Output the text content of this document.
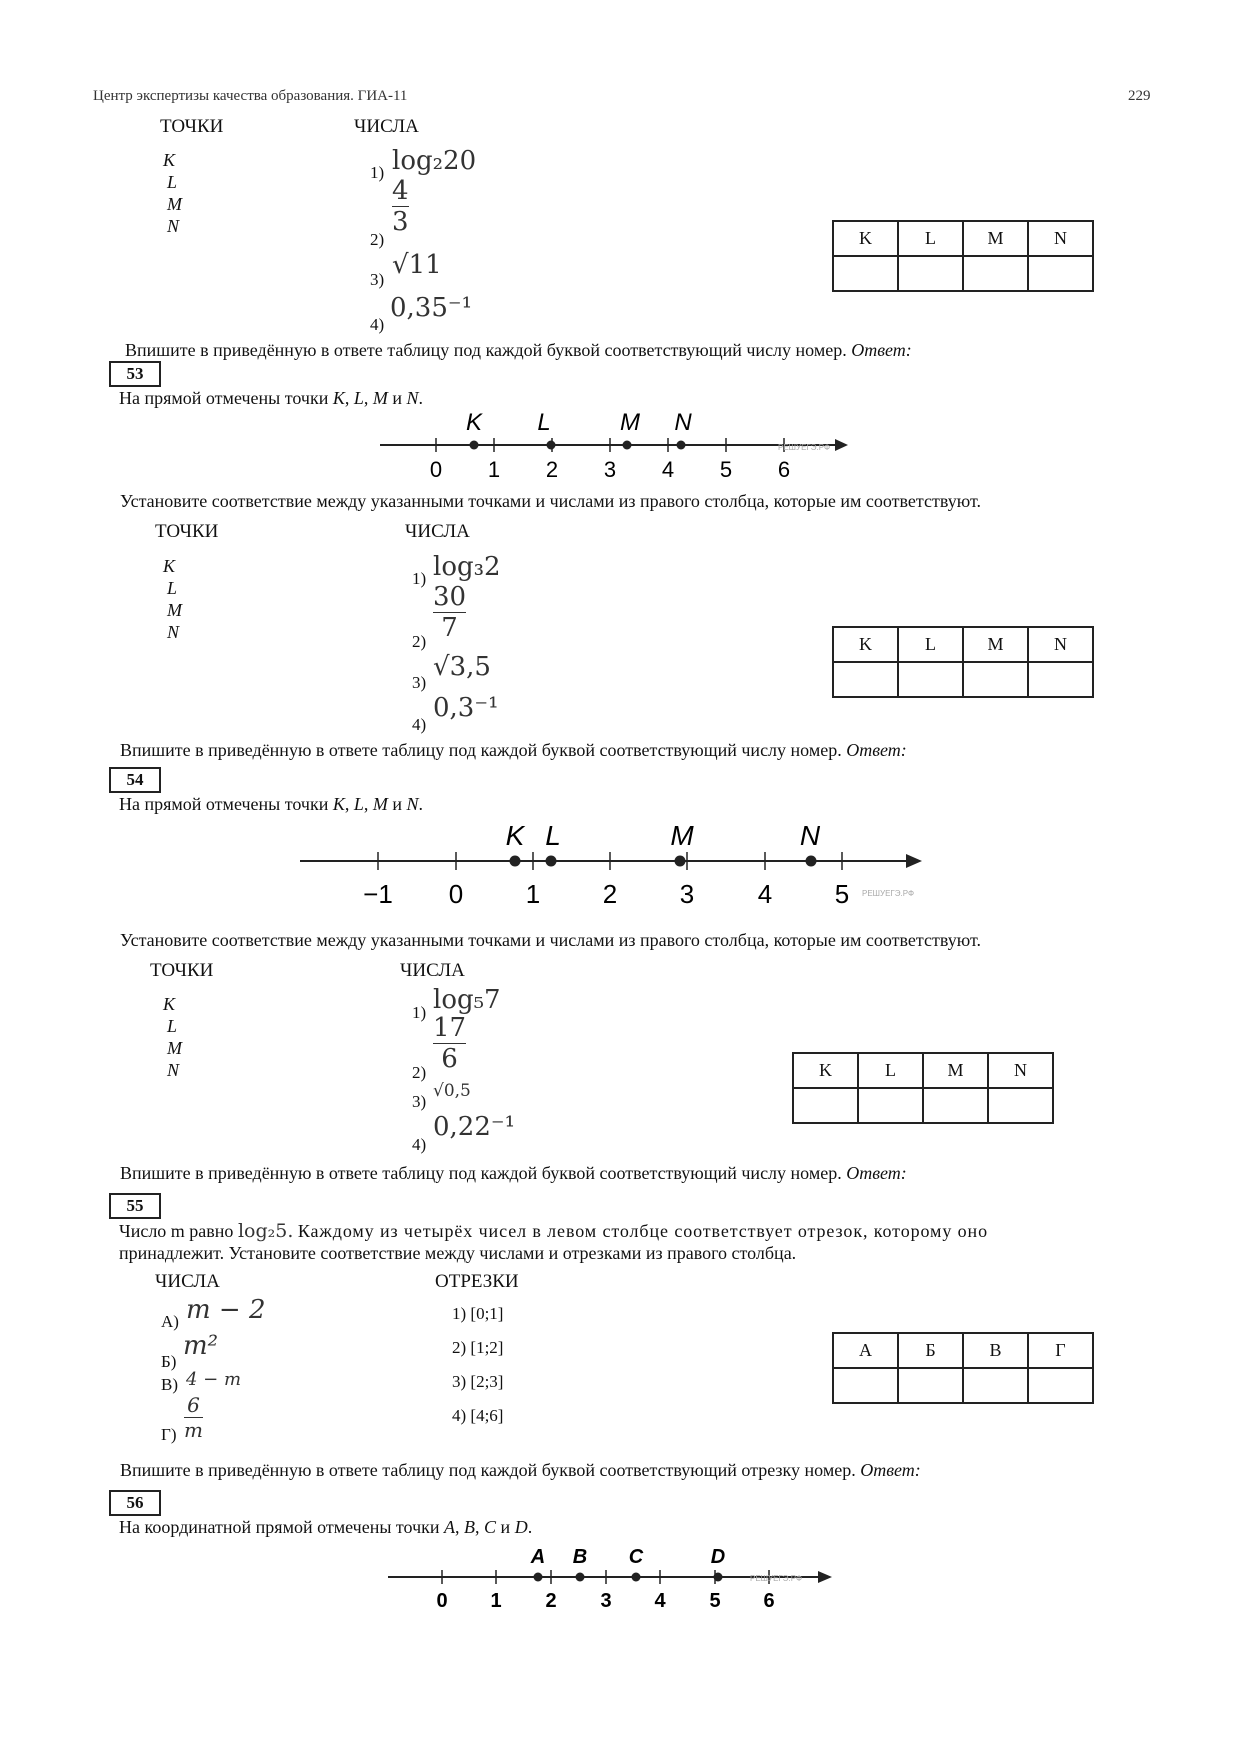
Центр экспертизы качества образования. ГИА-11	229
ТОЧКИ	ЧИСЛА
K
L
M
N
1) log₂20
$\frac{4}{3}$
2)
3) √11
4)
0,35⁻¹
K	L	M	N

Впишите в приведённую в ответе таблицу под каждой буквой соответствующий числу номер. Ответ:
53
На прямой отмечены точки K, L, M и N.
0 1 2 3 4 5 6
K L	M N
РЕШУЕГЭ.РФ
Установите соответствие между указанными точками и числами из правого столбца, которые им соответствуют.
ТОЧКИ	ЧИСЛА
K
L
M
N
1) log₃2
$\frac{30}{7}$
2)
3)
√3,5
4)
0,3⁻¹
K	L	M	N

Впишите в приведённую в ответе таблицу под каждой буквой соответствующий числу номер. Ответ:
54
На прямой отмечены точки K, L, M и N.
−1 0 1 2 3 4 5
K L	M	N
РЕШУЕГЭ.РФ
Установите соответствие между указанными точками и числами из правого столбца, которые им соответствуют.
ТОЧКИ	ЧИСЛА
K
L
M
N
1) log₅7
$\frac{17}{6}$
2)
3)
√0,5
4)
0,22⁻¹
K	L	M	N

Впишите в приведённую в ответе таблицу под каждой буквой соответствующий числу номер. Ответ:
55
Число m равно log₂5. Каждому из четырёх чисел в левом столбце соответствует отрезок, которому оно
принадлежит. Установите соответствие между числами и отрезками из правого столбца.
ЧИСЛА	ОТРЕЗКИ
А) m − 2
Б)
m²
В) 4 − m
$\frac{6}{m}$
Г)
1) [0;1]
2) [1;2]
3) [2;3]
4) [4;6]
А	Б	В	Г

Впишите в приведённую в ответе таблицу под каждой буквой соответствующий отрезку номер. Ответ:
56
На координатной прямой отмечены точки A, B, C и D.
0 1 2 3 4 5 6
A B C	D
РЕШУЕГЭ.РФ
